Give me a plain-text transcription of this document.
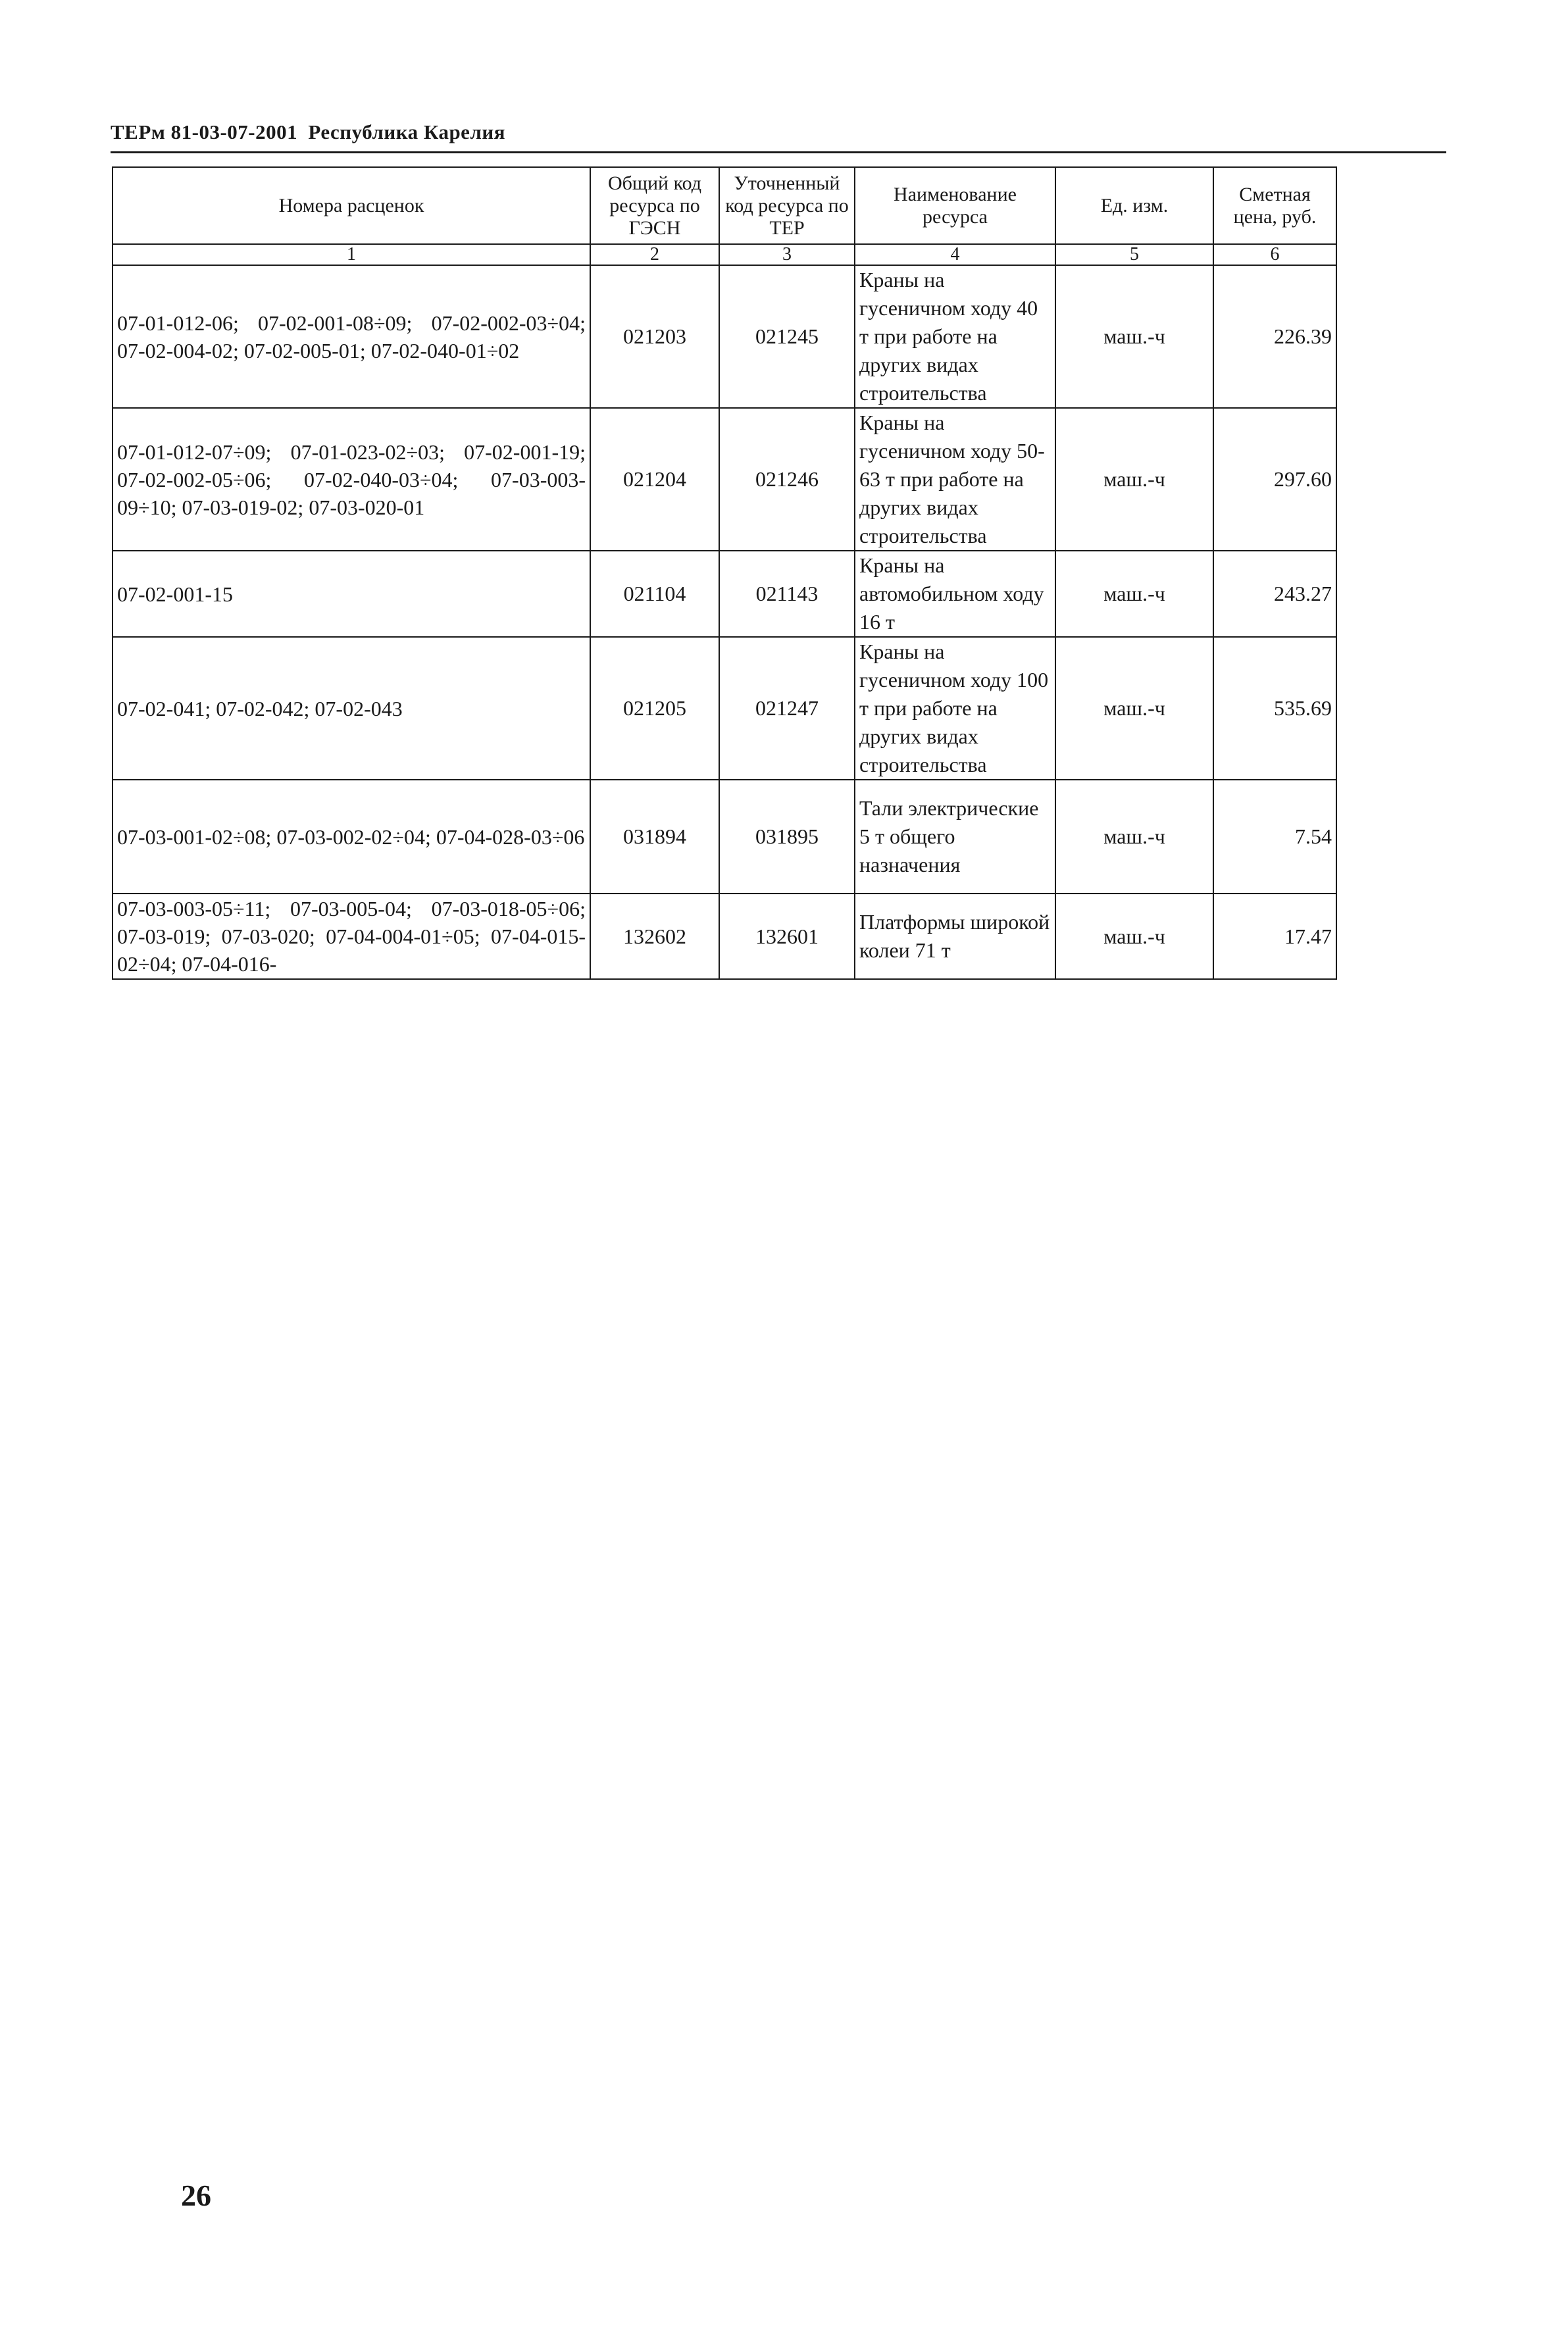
ТЕРм 81-03-07-2001 Республика Карелия
Номера расценок	Общий код ресурса по ГЭСН	Уточненный код ресурса по ТЕР	Наименование ресурса	Ед. изм.	Сметная цена, руб.
1	2	3	4	5	6
07-01-012-06; 07-02-001-08÷09; 07-02-002-03÷04; 07-02-004-02; 07-02-005-01; 07-02-040-01÷02	021203	021245	Краны на гусеничном ходу 40 т при работе на других видах строительства	маш.-ч	226.39
07-01-012-07÷09; 07-01-023-02÷03; 07-02-001-19; 07-02-002-05÷06; 07-02-040-03÷04; 07-03-003-09÷10; 07-03-019-02; 07-03-020-01	021204	021246	Краны на гусеничном ходу 50-63 т при работе на других видах строительства	маш.-ч	297.60
07-02-001-15	021104	021143	Краны на автомобильном ходу 16 т	маш.-ч	243.27
07-02-041; 07-02-042; 07-02-043	021205	021247	Краны на гусеничном ходу 100 т при работе на других видах строительства	маш.-ч	535.69
07-03-001-02÷08; 07-03-002-02÷04; 07-04-028-03÷06	031894	031895	Тали электрические 5 т общего назначения	маш.-ч	7.54
07-03-003-05÷11; 07-03-005-04; 07-03-018-05÷06; 07-03-019; 07-03-020; 07-04-004-01÷05; 07-04-015-02÷04; 07-04-016-	132602	132601	Платформы широкой колеи 71 т	маш.-ч	17.47
26
